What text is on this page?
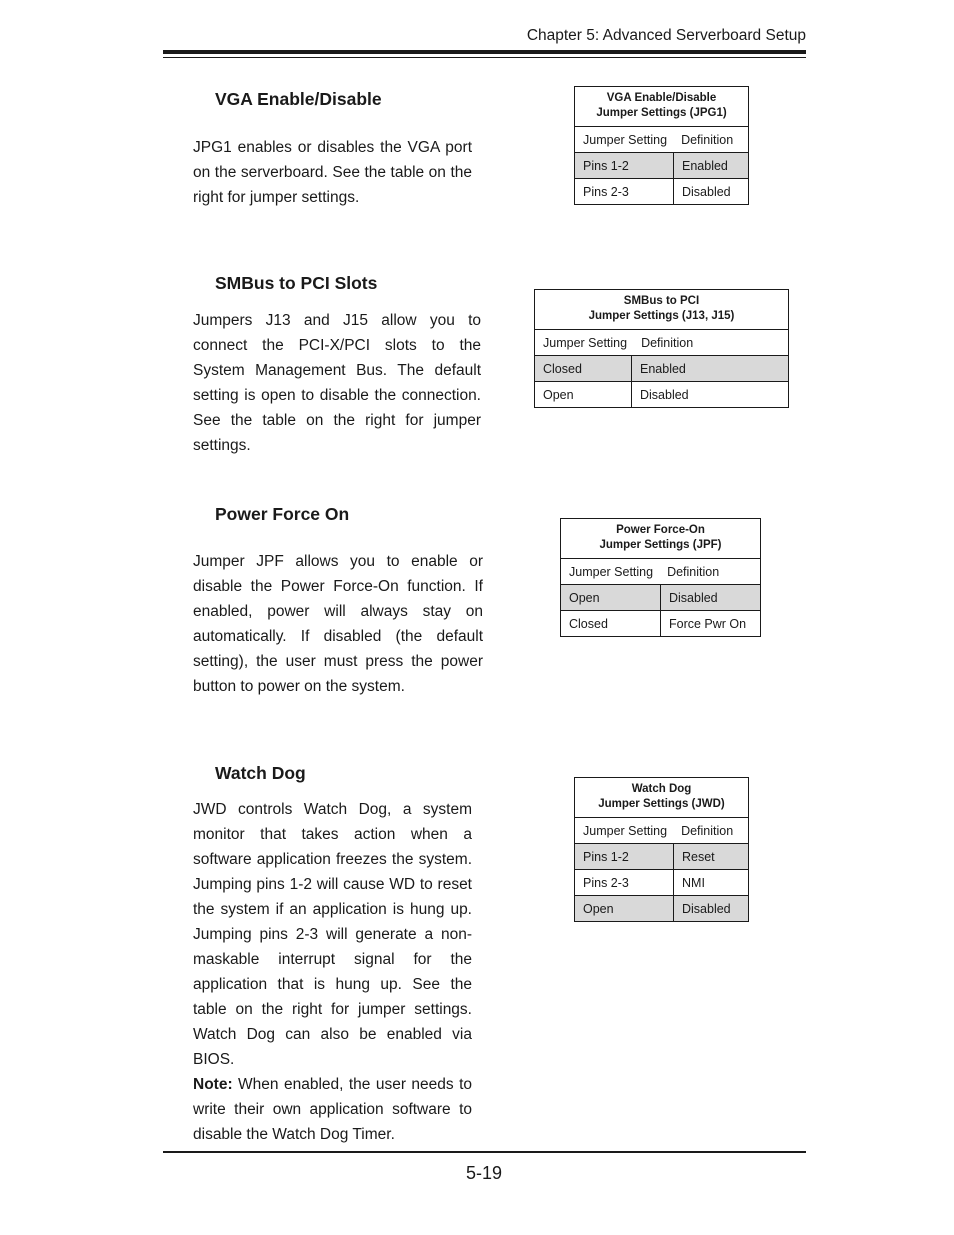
Chapter 5: Advanced Serverboard Setup
VGA Enable/Disable

JPG1 enables or disables the VGA port on the serverboard. See the table on the right for jumper settings.

VGA Enable/Disable
Jumper Settings (JPG1)	

Jumper Setting Definition	
Pins 1-2	Enabled
Pins 2-3	Disabled
SMBus to PCI Slots

Jumpers J13 and J15 allow you to connect the PCI-X/PCI slots to the System Management Bus. The default setting is open to disable the connection. See the table on the right for jumper settings.

SMBus to PCI
Jumper Settings (J13, J15)	

Jumper Setting Definition	
Closed	Enabled
Open	Disabled
Power Force On

Jumper JPF allows you to enable or disable the Power Force-On function. If enabled, power will always stay on automatically. If disabled (the default setting), the user must press the power button to power on the system.

Power Force-On
Jumper Settings (JPF)	

Jumper Setting Definition	
Open	Disabled
Closed	Force Pwr On
Watch Dog

JWD controls Watch Dog, a system monitor that takes action when a software application freezes the system. Jumping pins 1-2 will cause WD to reset the system if an application is hung up. Jumping pins 2-3 will generate a non-maskable interrupt signal for the application that is hung up. See the table on the right for jumper settings. Watch Dog can also be enabled via BIOS.

Note: When enabled, the user needs to write their own application software to disable the Watch Dog Timer.

Watch Dog
Jumper Settings (JWD)	

Jumper Setting Definition	
Pins 1-2	Reset
Pins 2-3	NMI
Open	Disabled
5-19
